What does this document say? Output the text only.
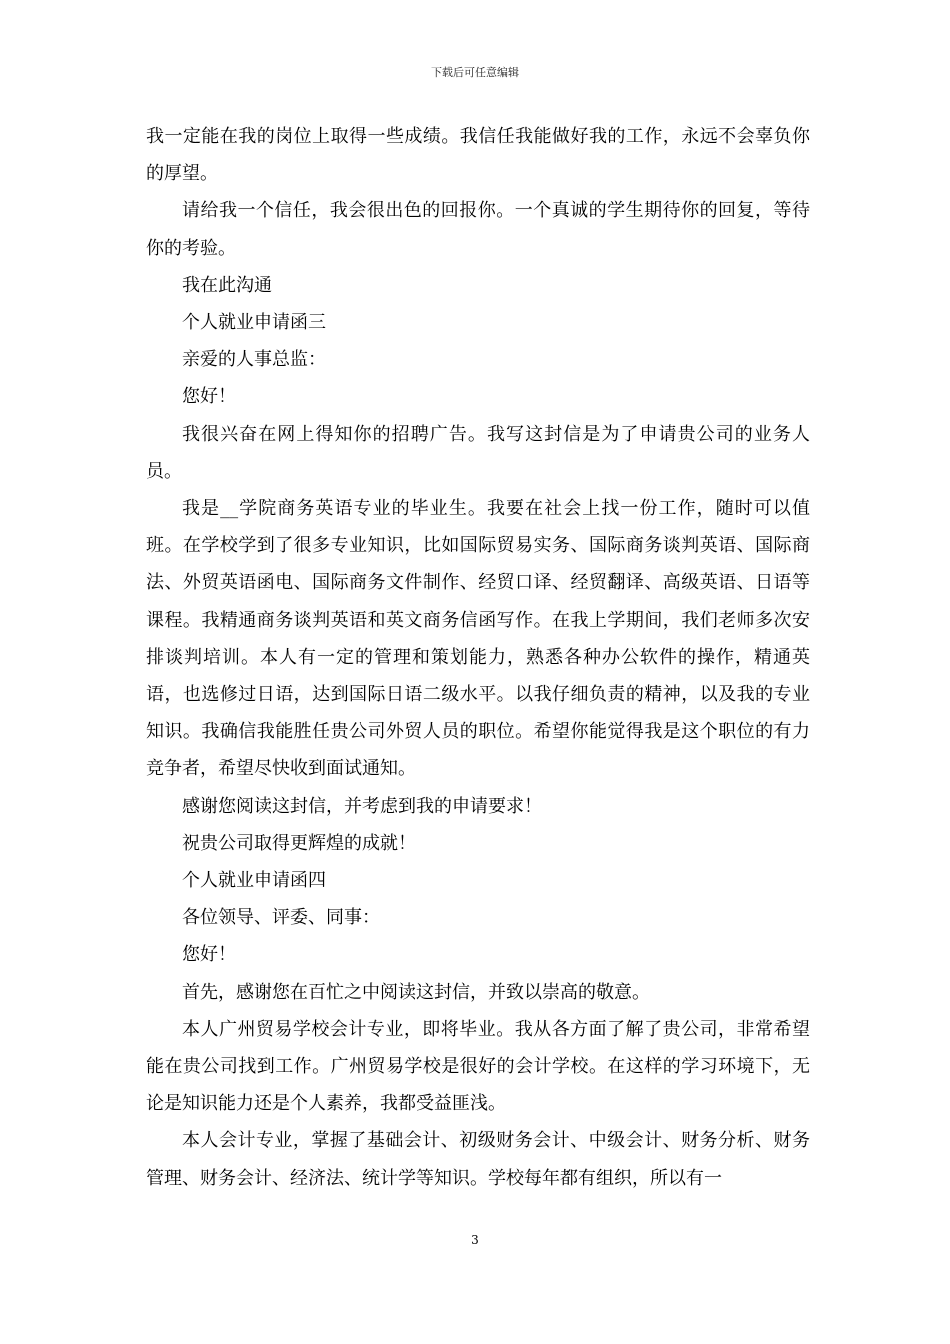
下载后可任意编辑

我一定能在我的岗位上取得一些成绩。我信任我能做好我的工作，永远不会辜负你的厚望。

请给我一个信任，我会很出色的回报你。一个真诚的学生期待你的回复，等待你的考验。

我在此沟通

个人就业申请函三

亲爱的人事总监：

您好！

我很兴奋在网上得知你的招聘广告。我写这封信是为了申请贵公司的业务人员。

我是__学院商务英语专业的毕业生。我要在社会上找一份工作，随时可以值班。在学校学到了很多专业知识，比如国际贸易实务、国际商务谈判英语、国际商法、外贸英语函电、国际商务文件制作、经贸口译、经贸翻译、高级英语、日语等课程。我精通商务谈判英语和英文商务信函写作。在我上学期间，我们老师多次安排谈判培训。本人有一定的管理和策划能力，熟悉各种办公软件的操作，精通英语，也选修过日语，达到国际日语二级水平。以我仔细负责的精神，以及我的专业知识。我确信我能胜任贵公司外贸人员的职位。希望你能觉得我是这个职位的有力竞争者，希望尽快收到面试通知。

感谢您阅读这封信，并考虑到我的申请要求！

祝贵公司取得更辉煌的成就！

个人就业申请函四

各位领导、评委、同事：

您好！

首先，感谢您在百忙之中阅读这封信，并致以崇高的敬意。

本人广州贸易学校会计专业，即将毕业。我从各方面了解了贵公司，非常希望能在贵公司找到工作。广州贸易学校是很好的会计学校。在这样的学习环境下，无论是知识能力还是个人素养，我都受益匪浅。

本人会计专业，掌握了基础会计、初级财务会计、中级会计、财务分析、财务管理、财务会计、经济法、统计学等知识。学校每年都有组织，所以有一

3
